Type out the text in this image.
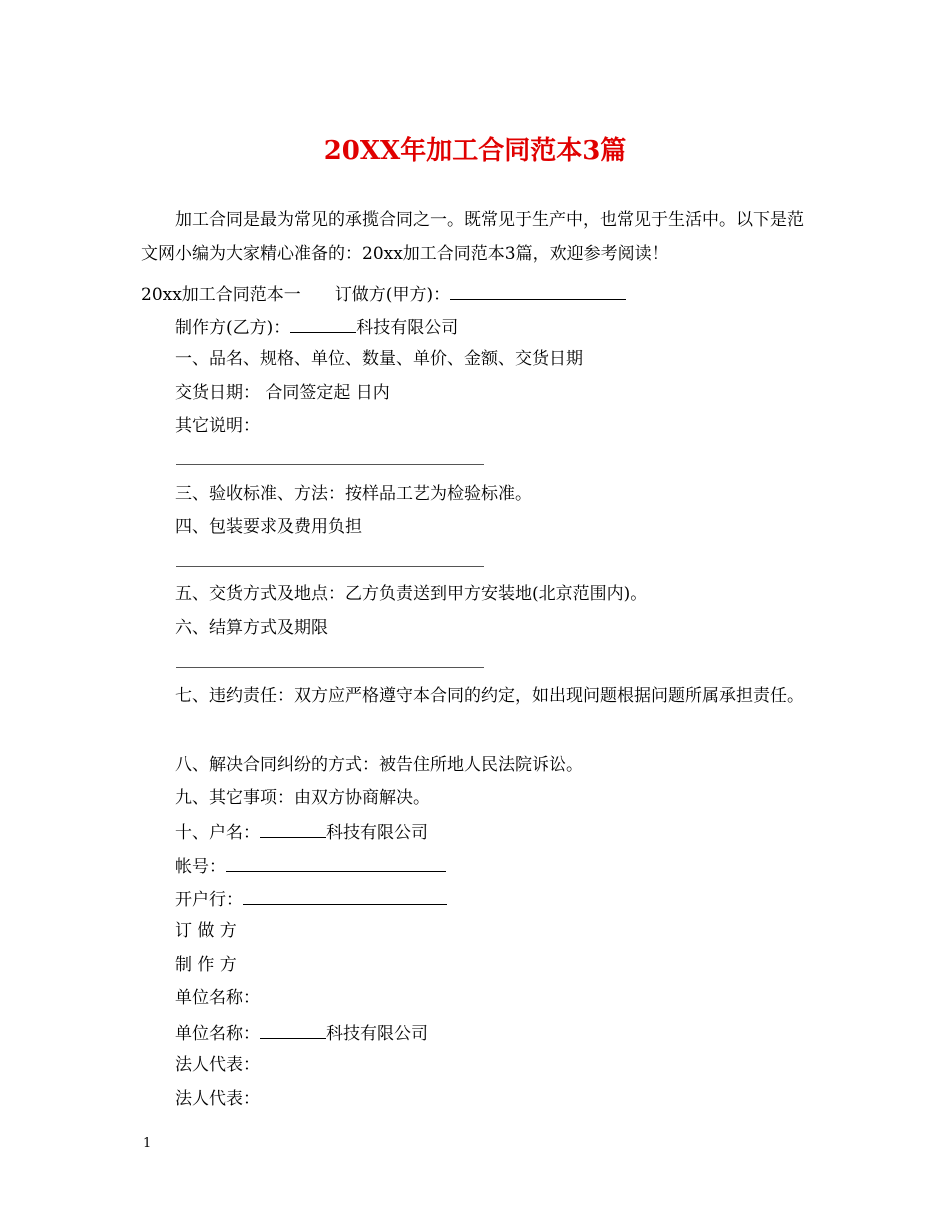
20XX年加工合同范本3篇
加工合同是最为常见的承揽合同之一。既常见于生产中，也常见于生活中。以下是范文网小编为大家精心准备的：20xx加工合同范本3篇，欢迎参考阅读！
20xx加工合同范本一 订做方(甲方)：
制作方(乙方)：	科技有限公司
一、品名、规格、单位、数量、单价、金额、交货日期
交货日期： 合同签定起 日内
其它说明：
三、验收标准、方法：按样品工艺为检验标准。
四、包装要求及费用负担
五、交货方式及地点：乙方负责送到甲方安装地(北京范围内)。
六、结算方式及期限
七、违约责任：双方应严格遵守本合同的约定，如出现问题根据问题所属承担责任。
八、解决合同纠纷的方式：被告住所地人民法院诉讼。
九、其它事项：由双方协商解决。
十、户名：	科技有限公司
帐号：
开户行：
订 做 方
制 作 方
单位名称：
单位名称：	科技有限公司
法人代表：
法人代表：
1
